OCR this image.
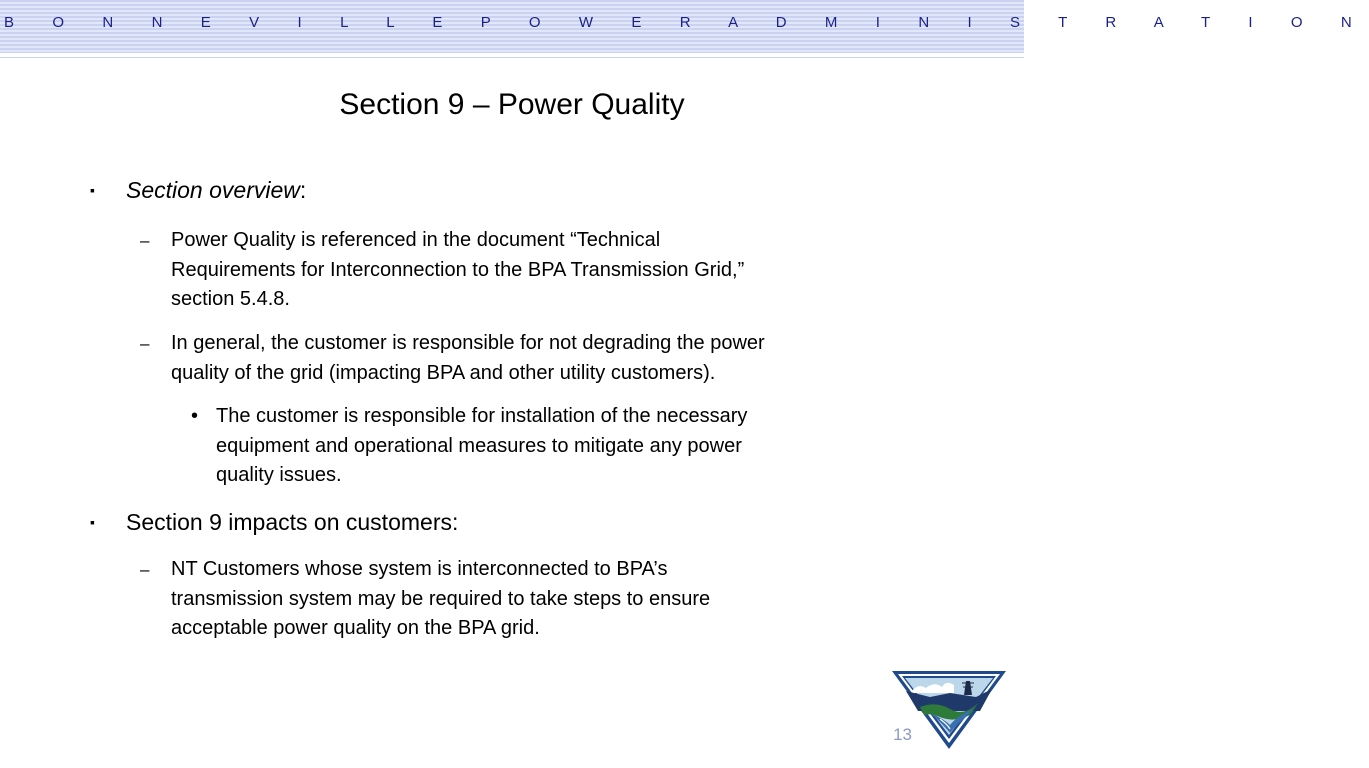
B O N N E V I L L E P O W E R A D M I N I S T R A T I O N
Section 9 – Power Quality
▪ Section overview:
– Power Quality is referenced in the document “Technical
Requirements for Interconnection to the BPA Transmission Grid,”
section 5.4.8.
– In general, the customer is responsible for not degrading the power
quality of the grid (impacting BPA and other utility customers).
• The customer is responsible for installation of the necessary
equipment and operational measures to mitigate any power
quality issues.
▪ Section 9 impacts on customers:
– NT Customers whose system is interconnected to BPA’s
transmission system may be required to take steps to ensure
acceptable power quality on the BPA grid.
13
